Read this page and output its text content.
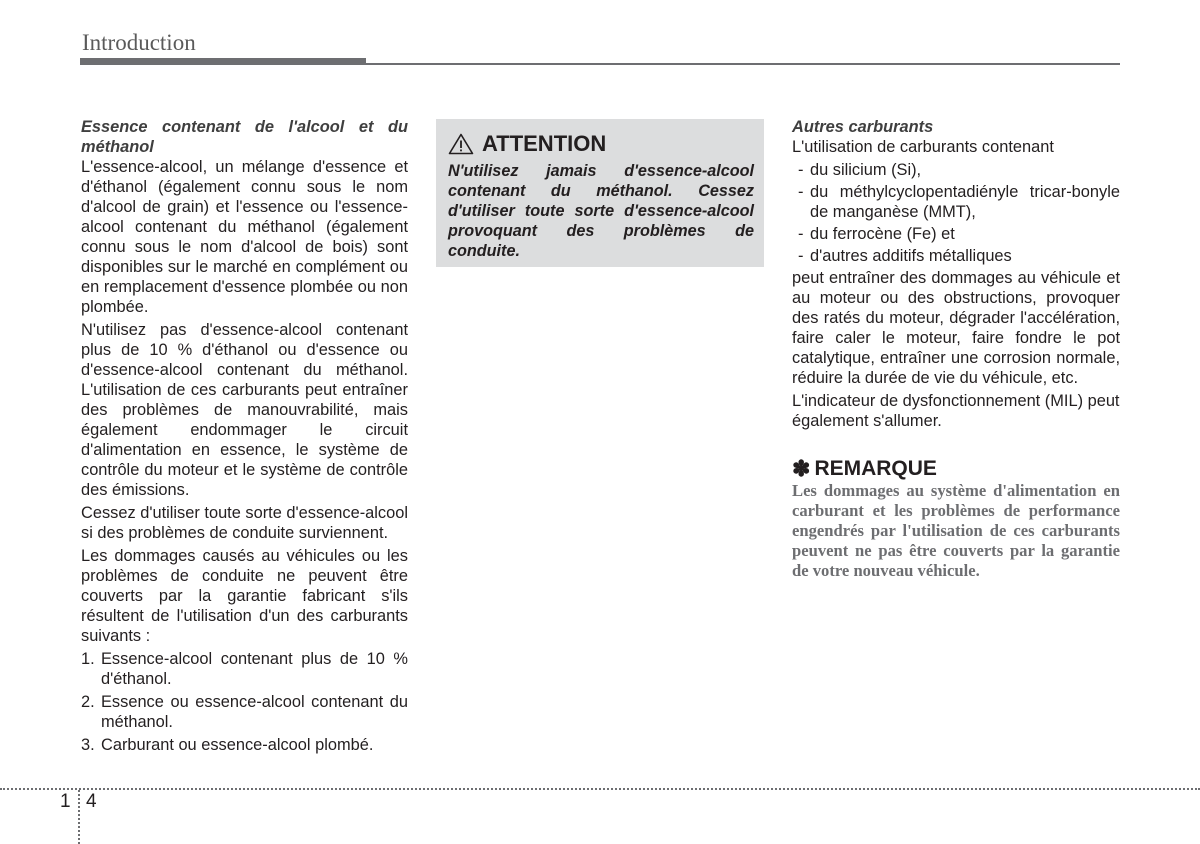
Introduction
Essence contenant de l'alcool et du méthanol

L'essence-alcool, un mélange d'essence et d'éthanol (également connu sous le nom d'alcool de grain) et l'essence ou l'essence-alcool contenant du méthanol (également connu sous le nom d'alcool de bois) sont disponibles sur le marché en complément ou en remplacement d'essence plombée ou non plombée.

N'utilisez pas d'essence-alcool contenant plus de 10 % d'éthanol ou d'essence ou d'essence-alcool contenant du méthanol. L'utilisation de ces carburants peut entraîner des problèmes de manouvrabilité, mais également endommager le circuit d'alimentation en essence, le système de contrôle du moteur et le système de contrôle des émissions.

Cessez d'utiliser toute sorte d'essence-alcool si des problèmes de conduite surviennent.

Les dommages causés au véhicules ou les problèmes de conduite ne peuvent être couverts par la garantie fabricant s'ils résultent de l'utilisation d'un des carburants suivants :

1. Essence-alcool contenant plus de 10 % d'éthanol.
2. Essence ou essence-alcool contenant du méthanol.
3. Carburant ou essence-alcool plombé.
ATTENTION
N'utilisez jamais d'essence-alcool contenant du méthanol. Cessez d'utiliser toute sorte d'essence-alcool provoquant des problèmes de conduite.
Autres carburants

L'utilisation de carburants contenant

- du silicium (Si),
- du méthylcyclopentadiénylе tricar-bonyle de manganèse (MMT),
- du ferrocène (Fe) et
- d'autres additifs métalliques

peut entraîner des dommages au véhicule et au moteur ou des obstructions, provoquer des ratés du moteur, dégrader l'accélération, faire caler le moteur, faire fondre le pot catalytique, entraîner une corrosion normale, réduire la durée de vie du véhicule, etc.

L'indicateur de dysfonctionnement (MIL) peut également s'allumer.

✽ REMARQUE
Les dommages au système d'alimentation en carburant et les problèmes de performance engendrés par l'utilisation de ces carburants peuvent ne pas être couverts par la garantie de votre nouveau véhicule.
1 4
